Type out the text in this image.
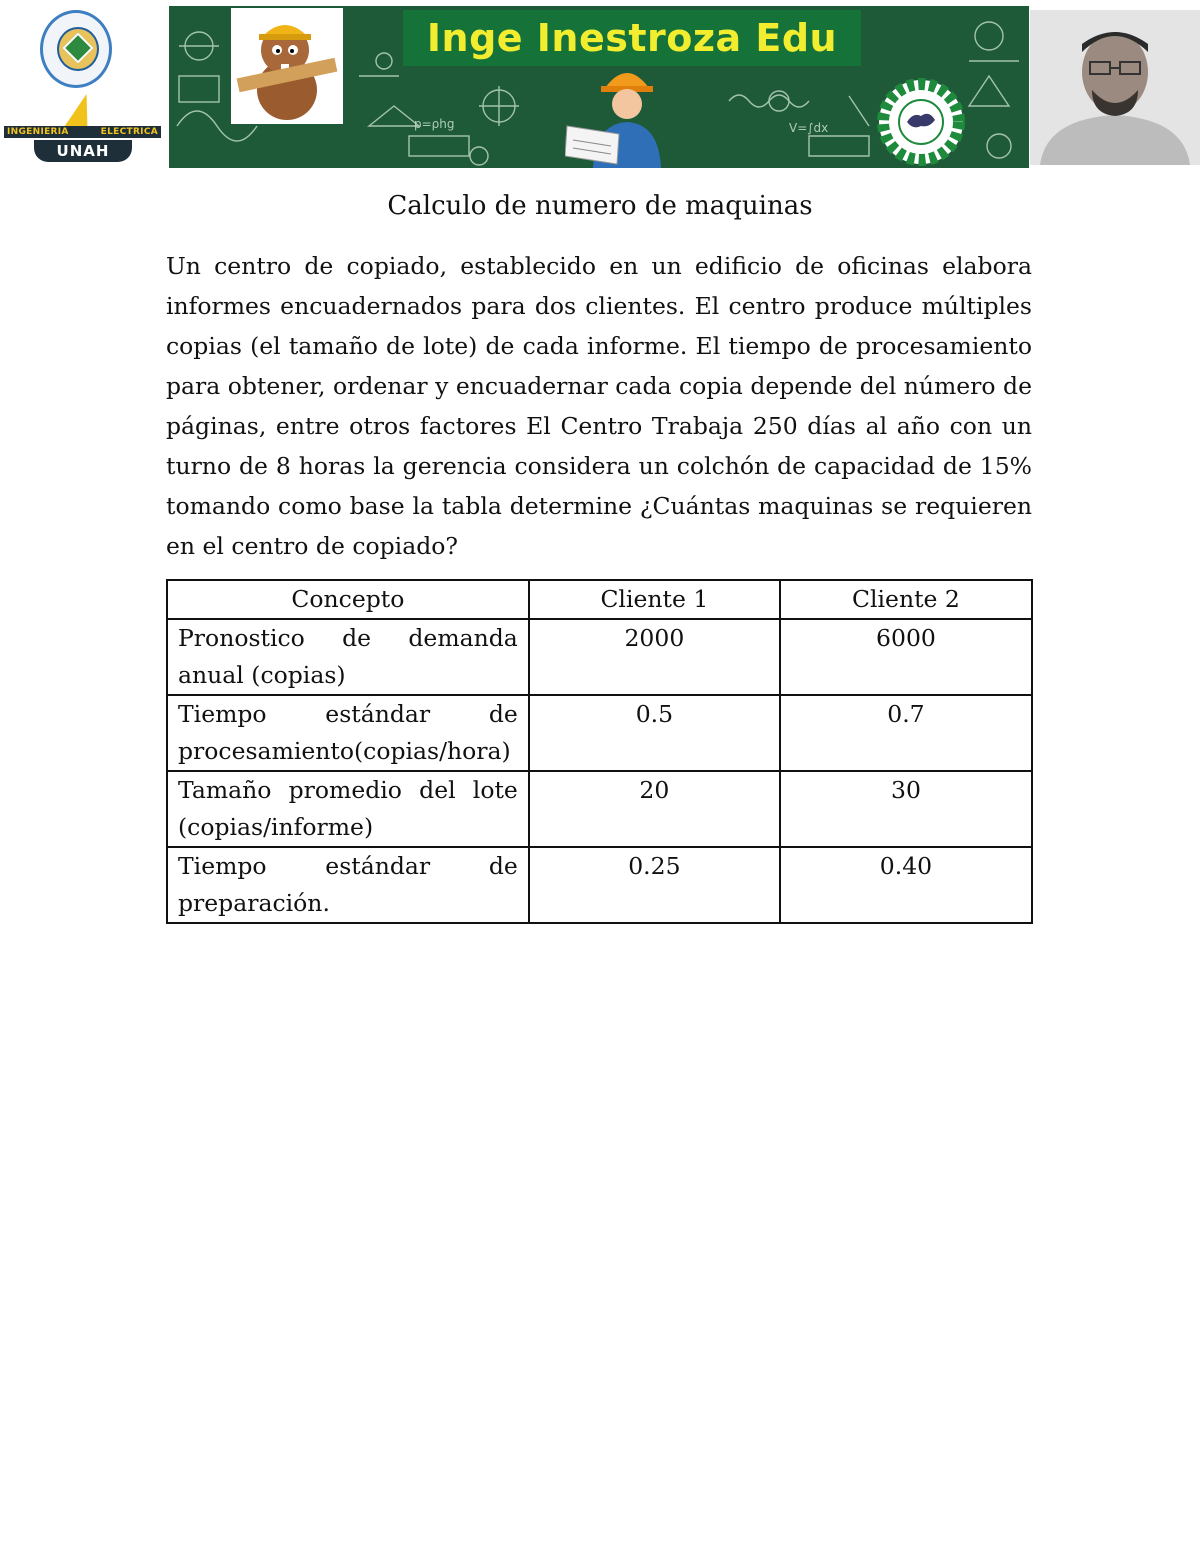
INGENIERIA	ELECTRICA
UNAH
p=ρhg	V=∫dx
Inge Inestroza Edu
Calculo de numero de maquinas

Un centro de copiado, establecido en un edificio de oficinas elabora informes encuadernados para dos clientes. El centro produce múltiples copias (el tamaño de lote) de cada informe. El tiempo de procesamiento para obtener, ordenar y encuadernar cada copia depende del número de páginas, entre otros factores El Centro Trabaja 250 días al año con un turno de 8 horas la gerencia considera un colchón de capacidad de 15% tomando como base la tabla determine ¿Cuántas maquinas se requieren en el centro de copiado?

Concepto	Cliente 1	Cliente 2
Pronostico de demanda anual (copias)	2000	6000
Tiempo estándar de procesamiento(copias/hora)	0.5	0.7
Tamaño promedio del lote (copias/informe)	20	30
Tiempo estándar de preparación.	0.25	0.40
